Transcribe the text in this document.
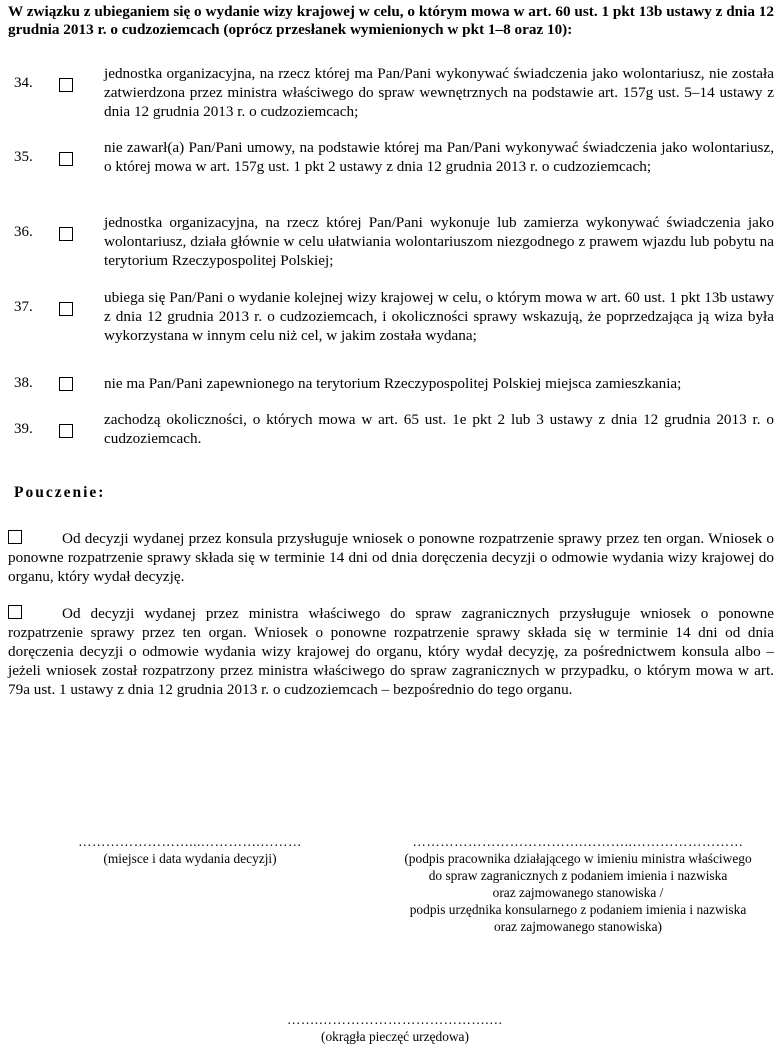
W związku z ubieganiem się o wydanie wizy krajowej w celu, o którym mowa w art. 60 ust. 1 pkt 13b ustawy z dnia 12 grudnia 2013 r. o cudzoziemcach (oprócz przesłanek wymienionych w pkt 1–8 oraz 10):
34.
jednostka organizacyjna, na rzecz której ma Pan/Pani wykonywać świadczenia jako wolontariusz, nie została zatwierdzona przez ministra właściwego do spraw wewnętrznych na podstawie art. 157g ust. 5–14 ustawy z dnia 12 grudnia 2013 r. o cudzoziemcach;
35.
nie zawarł(a) Pan/Pani umowy, na podstawie której ma Pan/Pani wykonywać świadczenia jako wolontariusz, o której mowa w art. 157g ust. 1 pkt 2 ustawy z dnia 12 grudnia 2013 r. o cudzoziemcach;
36.
jednostka organizacyjna, na rzecz której Pan/Pani wykonuje lub zamierza wykonywać świadczenia jako wolontariusz, działa głównie w celu ułatwiania wolontariuszom niezgodnego z prawem wjazdu lub pobytu na terytorium Rzeczypospolitej Polskiej;
37.
ubiega się Pan/Pani o wydanie kolejnej wizy krajowej w celu, o którym mowa w art. 60 ust. 1 pkt 13b ustawy z dnia 12 grudnia 2013 r. o cudzoziemcach, i okoliczności sprawy wskazują, że poprzedzająca ją wiza była wykorzystana w innym celu niż cel, w jakim została wydana;
38.	nie ma Pan/Pani zapewnionego na terytorium Rzeczypospolitej Polskiej miejsca zamieszkania;
39.
zachodzą okoliczności, o których mowa w art. 65 ust. 1e pkt 2 lub 3 ustawy z dnia 12 grudnia 2013 r. o cudzoziemcach.
Pouczenie:
Od decyzji wydanej przez konsula przysługuje wniosek o ponowne rozpatrzenie sprawy przez ten organ. Wniosek o ponowne rozpatrzenie sprawy składa się w terminie 14 dni od dnia doręczenia decyzji o odmowie wydania wizy krajowej do organu, który wydał decyzję.
Od decyzji wydanej przez ministra właściwego do spraw zagranicznych przysługuje wniosek o ponowne rozpatrzenie sprawy przez ten organ. Wniosek o ponowne rozpatrzenie sprawy składa się w terminie 14 dni od dnia doręczenia decyzji o odmowie wydania wizy krajowej do organu, który wydał decyzję, za pośrednictwem konsula albo – jeżeli wniosek został rozpatrzony przez ministra właściwego do spraw zagranicznych w przypadku, o którym mowa w art. 79a ust. 1 ustawy z dnia 12 grudnia 2013 r. o cudzoziemcach – bezpośrednio do tego organu.
……………………...………….………
(miejsce i data wydania decyzji)
……………………………….………..……………………
(podpis pracownika działającego w imieniu ministra właściwego
do spraw zagranicznych z podaniem imienia i nazwiska
oraz zajmowanego stanowiska /
podpis urzędnika konsularnego z podaniem imienia i nazwiska
oraz zajmowanego stanowiska)
…….……………………………….…
(okrągła pieczęć urzędowa)
